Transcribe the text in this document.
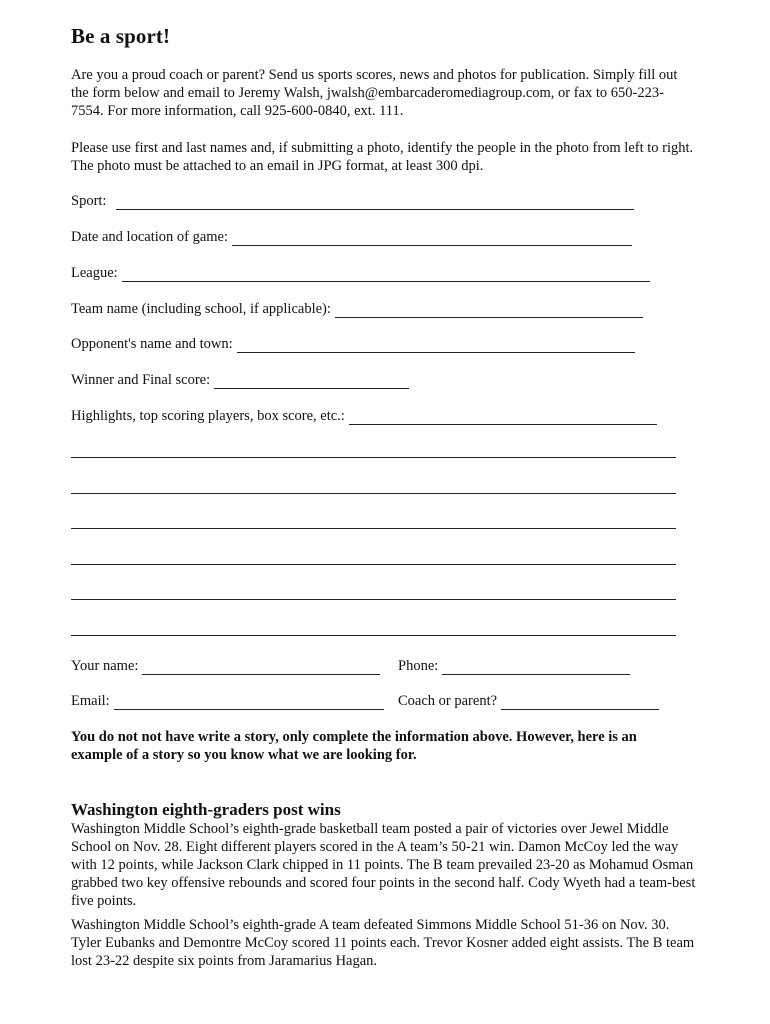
Be a sport!
Are you a proud coach or parent? Send us sports scores, news and photos for publication. Simply fill out the form below and email to Jeremy Walsh, jwalsh@embarcaderomediagroup.com, or fax to 650-223-7554. For more information, call 925-600-0840, ext. 111.
Please use first and last names and, if submitting a photo, identify the people in the photo from left to right. The photo must be attached to an email in JPG format, at least 300 dpi.
Sport:
Date and location of game:
League:
Team name (including school, if applicable):
Opponent's name and town:
Winner and Final score:
Highlights, top scoring players, box score, etc.:
Your name:	Phone:
Email:	Coach or parent?
You do not not have write a story, only complete the information above. However, here is an example of a story so you know what we are looking for.
Washington eighth-graders post wins
Washington Middle School’s eighth-grade basketball team posted a pair of victories over Jewel Middle School on Nov. 28. Eight different players scored in the A team’s 50-21 win. Damon McCoy led the way with 12 points, while Jackson Clark chipped in 11 points. The B team prevailed 23-20 as Mohamud Osman grabbed two key offensive rebounds and scored four points in the second half. Cody Wyeth had a team-best five points.
Washington Middle School’s eighth-grade A team defeated Simmons Middle School 51-36 on Nov. 30. Tyler Eubanks and Demontre McCoy scored 11 points each. Trevor Kosner added eight assists. The B team lost 23-22 despite six points from Jaramarius Hagan.
